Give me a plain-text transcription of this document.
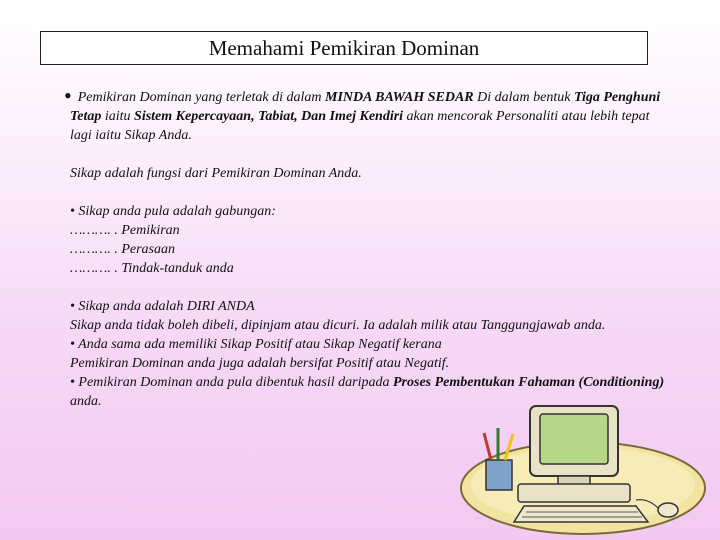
Memahami Pemikiran Dominan

• Pemikiran Dominan yang terletak di dalam MINDA BAWAH SEDAR Di dalam bentuk Tiga Penghuni Tetap iaitu Sistem Kepercayaan, Tabiat, Dan Imej Kendiri akan mencorak Personaliti atau lebih tepat lagi iaitu Sikap Anda.

Sikap adalah fungsi dari Pemikiran Dominan Anda.

• Sikap anda pula adalah gabungan:

………. . Pemikiran

………. . Perasaan

………. . Tindak-tanduk anda

• Sikap anda adalah DIRI ANDA

Sikap anda tidak boleh dibeli, dipinjam atau dicuri. Ia adalah milik atau Tanggungjawab anda.

• Anda sama ada memiliki Sikap Positif atau Sikap Negatif kerana

Pemikiran Dominan anda juga adalah bersifat Positif atau Negatif.

• Pemikiran Dominan anda pula dibentuk hasil daripada Proses Pembentukan Fahaman (Conditioning) anda.
